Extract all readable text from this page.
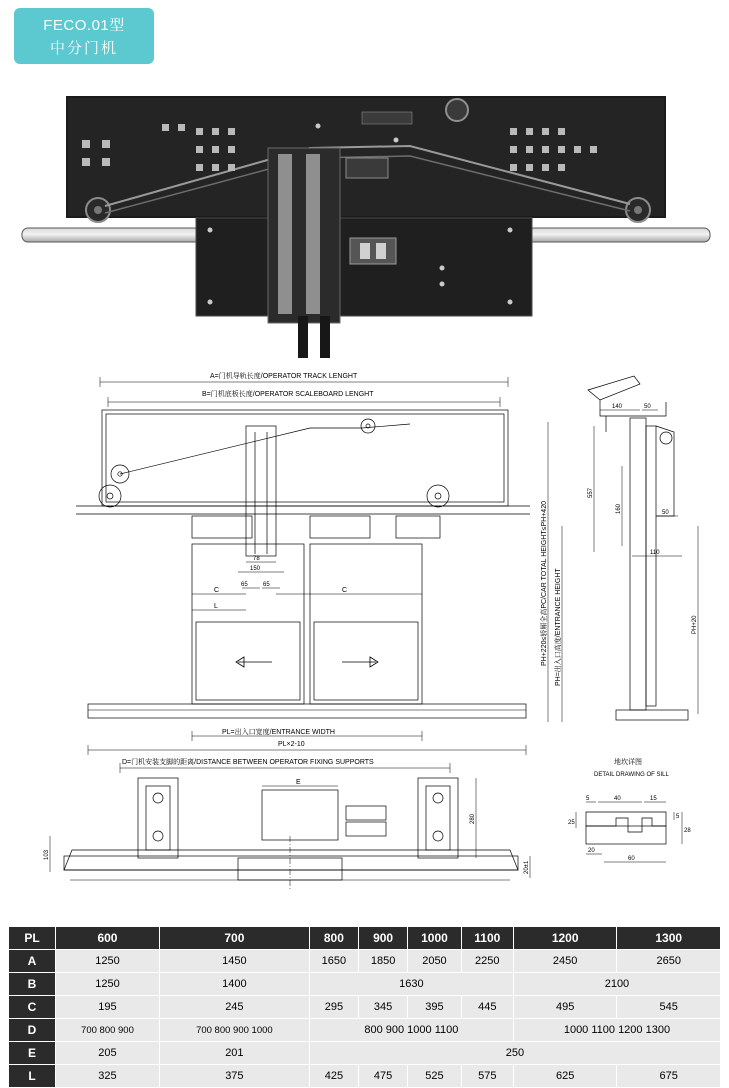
FECO.01型
中分门机
A=门机导轨长度/OPERATOR TRACK LENGHT
B=门机底板长度/OPERATOR SCALEBOARD LENGHT
78
150
65	65
C	C
L
PL=出入口宽度/ENTRANCE WIDTH
PL×2-10
PH+220≤轿厢全高PC/CAR TOTAL HEIGHT≤PH+420 PH=出入口高度/ENTRANCE HEIGHT
140	50
557
160	50
110
PH+20
D=门机安装支脚的距离/DISTANCE BETWEEN OPERATOR FIXING SUPPORTS
E
280
103
20±1
地坎详图
DETAIL DRAWING OF SILL
5	40	15
25
5
28
20
60
PL	600	700	800	900	1000	1100	1200	1300
A	1250	1450	1650	1850	2050	2250	2450	2650
B	1250	1400	1630				2100	
C	195	245	295	345	395	445	495	545
D	700 800 900	700 800 900 1000	800 900 1000 1100				1000 1100 1200 1300	
E	205	201	250					
L	325	375	425	475	525	575	625	675
